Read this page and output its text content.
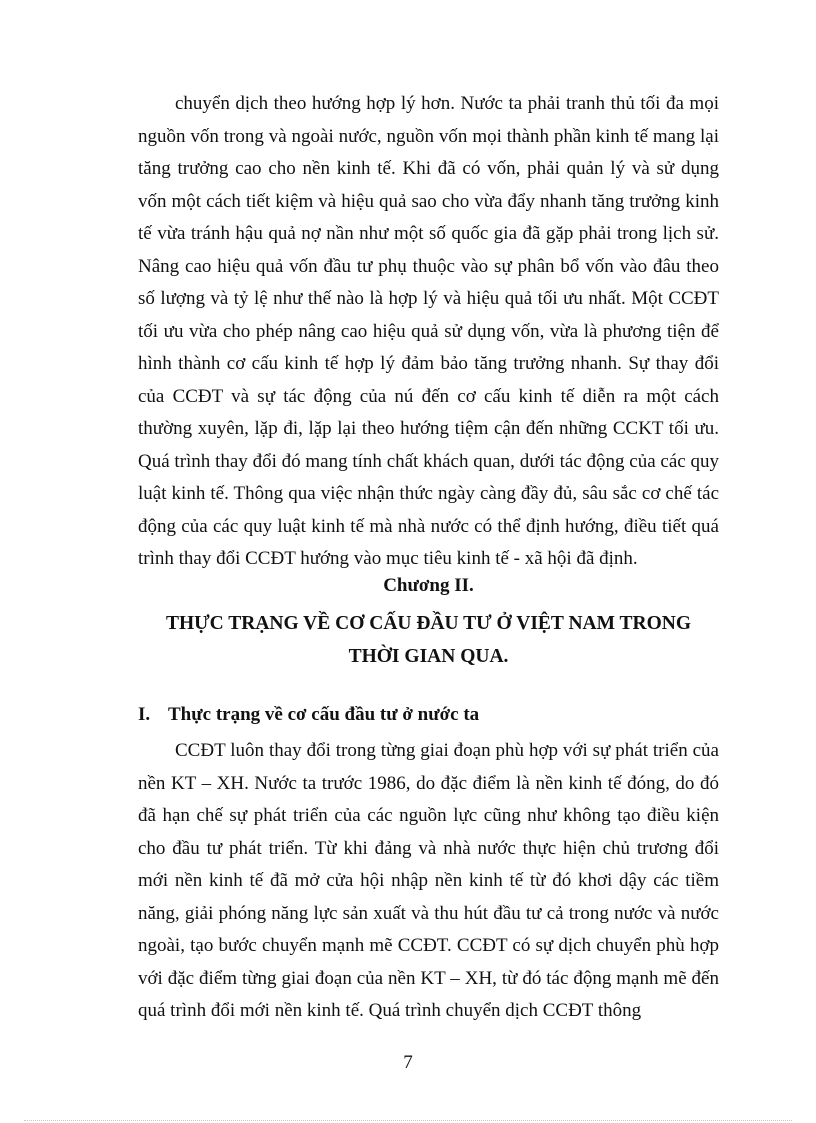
chuyển dịch theo hướng hợp lý hơn. Nước ta phải tranh thủ tối đa mọi nguồn vốn trong và ngoài nước, nguồn vốn mọi thành phần kinh tế mang lại tăng trưởng cao cho nền kinh tế. Khi đã có vốn, phải quản lý và sử dụng vốn một cách tiết kiệm và hiệu quả sao cho vừa đẩy nhanh tăng trưởng kinh tế vừa tránh hậu quả nợ nần như một số quốc gia đã gặp phải trong lịch sử. Nâng cao hiệu quả vốn đầu tư phụ thuộc vào sự phân bổ vốn vào đâu theo số lượng và tỷ lệ như thế nào là hợp lý và hiệu quả tối ưu nhất. Một CCĐT tối ưu vừa cho phép nâng cao hiệu quả sử dụng vốn, vừa là phương tiện để hình thành cơ cấu kinh tế hợp lý đảm bảo tăng trưởng nhanh. Sự thay đổi của CCĐT và sự tác động của nú đến cơ cấu kinh tế diễn ra một cách thường xuyên, lặp đi, lặp lại theo hướng tiệm cận đến những CCKT tối ưu. Quá trình thay đổi đó mang tính chất khách quan, dưới tác động của các quy luật kinh tế. Thông qua việc nhận thức ngày càng đầy đủ, sâu sắc cơ chế tác động của các quy luật kinh tế mà nhà nước có thể định hướng, điều tiết quá trình thay đổi CCĐT hướng vào mục tiêu kinh tế - xã hội đã định.

Chương II.

THỰC TRẠNG VỀ CƠ CẤU ĐẦU TƯ Ở VIỆT NAM TRONG
THỜI GIAN QUA.

I. Thực trạng về cơ cấu đầu tư ở nước ta

CCĐT luôn thay đổi trong từng giai đoạn phù hợp với sự phát triển của nền KT – XH. Nước ta trước 1986, do đặc điểm là nền kinh tế đóng, do đó đã hạn chế sự phát triển của các nguồn lực cũng như không tạo điều kiện cho đầu tư phát triển. Từ khi đảng và nhà nước thực hiện chủ trương đổi mới nền kinh tế đã mở cửa hội nhập nền kinh tế từ đó khơi dậy các tiềm năng, giải phóng năng lực sản xuất và thu hút đầu tư cả trong nước và nước ngoài, tạo bước chuyển mạnh mẽ CCĐT. CCĐT có sự dịch chuyển phù hợp với đặc điểm từng giai đoạn của nền KT – XH, từ đó tác động mạnh mẽ đến quá trình đổi mới nền kinh tế. Quá trình chuyển dịch CCĐT thông

7
